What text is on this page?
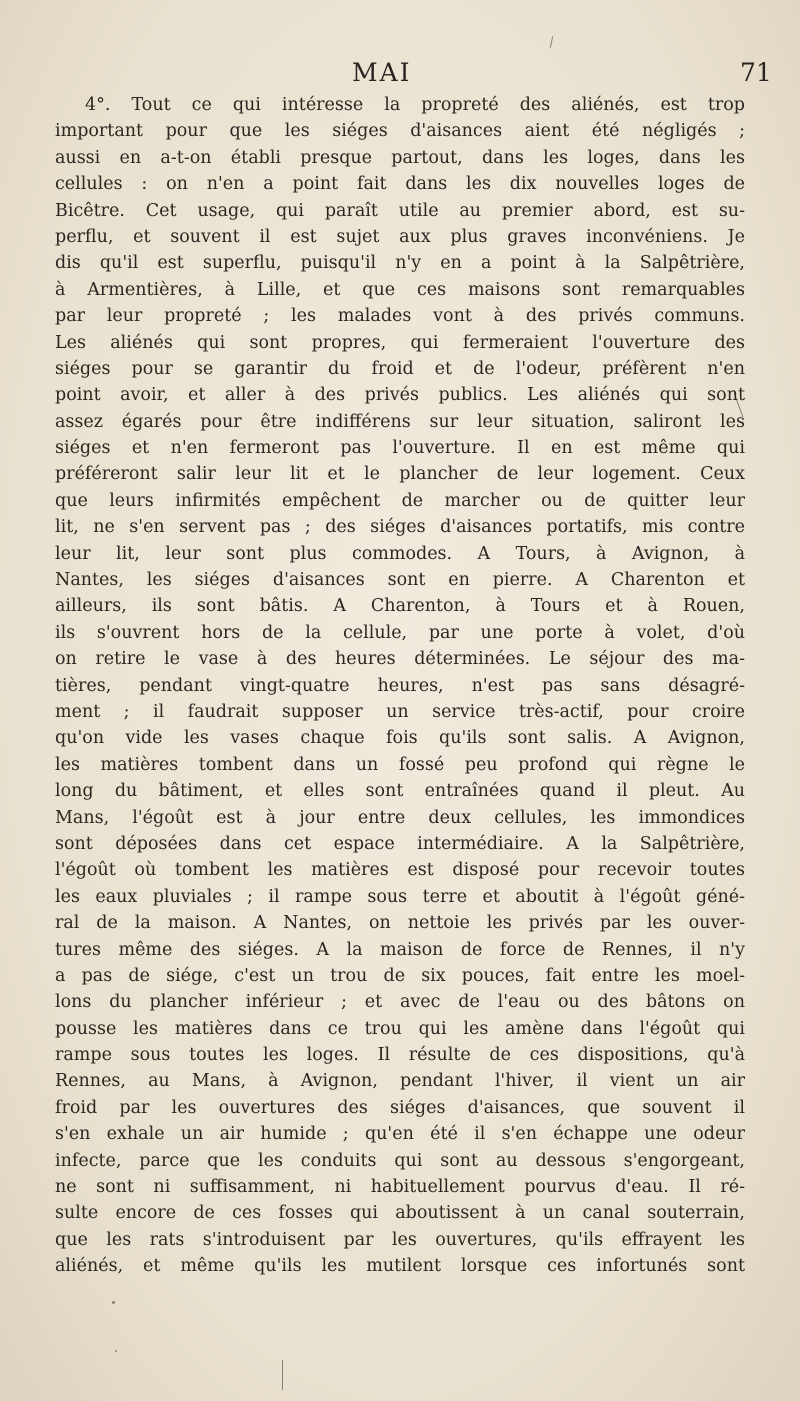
MAI	71
4°. Tout ce qui intéresse la propreté des aliénés, est trop
important pour que les siéges d'aisances aient été négligés ;
aussi en a-t-on établi presque partout, dans les loges, dans les
cellules : on n'en a point fait dans les dix nouvelles loges de
Bicêtre. Cet usage, qui paraît utile au premier abord, est su-
perflu, et souvent il est sujet aux plus graves inconvéniens. Je
dis qu'il est superflu, puisqu'il n'y en a point à la Salpêtrière,
à Armentières, à Lille, et que ces maisons sont remarquables
par leur propreté ; les malades vont à des privés communs.
Les aliénés qui sont propres, qui fermeraient l'ouverture des
siéges pour se garantir du froid et de l'odeur, préfèrent n'en
point avoir, et aller à des privés publics. Les aliénés qui sont
assez égarés pour être indifférens sur leur situation, saliront les
siéges et n'en fermeront pas l'ouverture. Il en est même qui
préféreront salir leur lit et le plancher de leur logement. Ceux
que leurs infirmités empêchent de marcher ou de quitter leur
lit, ne s'en servent pas ; des siéges d'aisances portatifs, mis contre
leur lit, leur sont plus commodes. A Tours, à Avignon, à
Nantes, les siéges d'aisances sont en pierre. A Charenton et
ailleurs, ils sont bâtis. A Charenton, à Tours et à Rouen,
ils s'ouvrent hors de la cellule, par une porte à volet, d'où
on retire le vase à des heures déterminées. Le séjour des ma-
tières, pendant vingt-quatre heures, n'est pas sans désagré-
ment ; il faudrait supposer un service très-actif, pour croire
qu'on vide les vases chaque fois qu'ils sont salis. A Avignon,
les matières tombent dans un fossé peu profond qui règne le
long du bâtiment, et elles sont entraînées quand il pleut. Au
Mans, l'égoût est à jour entre deux cellules, les immondices
sont déposées dans cet espace intermédiaire. A la Salpêtrière,
l'égoût où tombent les matières est disposé pour recevoir toutes
les eaux pluviales ; il rampe sous terre et aboutit à l'égoût géné-
ral de la maison. A Nantes, on nettoie les privés par les ouver-
tures même des siéges. A la maison de force de Rennes, il n'y
a pas de siége, c'est un trou de six pouces, fait entre les moel-
lons du plancher inférieur ; et avec de l'eau ou des bâtons on
pousse les matières dans ce trou qui les amène dans l'égoût qui
rampe sous toutes les loges. Il résulte de ces dispositions, qu'à
Rennes, au Mans, à Avignon, pendant l'hiver, il vient un air
froid par les ouvertures des siéges d'aisances, que souvent il
s'en exhale un air humide ; qu'en été il s'en échappe une odeur
infecte, parce que les conduits qui sont au dessous s'engorgeant,
ne sont ni suffisamment, ni habituellement pourvus d'eau. Il ré-
sulte encore de ces fosses qui aboutissent à un canal souterrain,
que les rats s'introduisent par les ouvertures, qu'ils effrayent les
aliénés, et même qu'ils les mutilent lorsque ces infortunés sont
